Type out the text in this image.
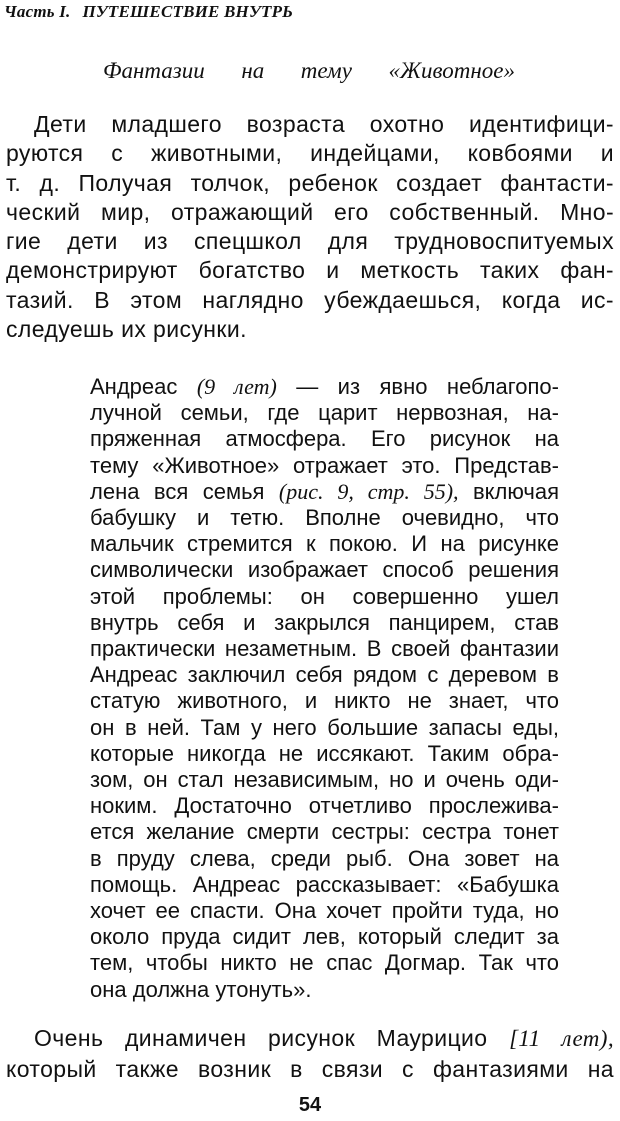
Часть I. ПУТЕШЕСТВИЕ ВНУТРЬ
Фантазии на тему «Животное»
Дети младшего возраста охотно идентифици-
руются с животными, индейцами, ковбоями и
т. д. Получая толчок, ребенок создает фантасти-
ческий мир, отражающий его собственный. Мно-
гие дети из спецшкол для трудновоспитуемых
демонстрируют богатство и меткость таких фан-
тазий. В этом наглядно убеждаешься, когда ис-
следуешь их рисунки.
Андреас (9 лет) — из явно неблагопо-
лучной семьи, где царит нервозная, на-
пряженная атмосфера. Его рисунок на
тему «Животное» отражает это. Представ-
лена вся семья (рис. 9, стр. 55), включая
бабушку и тетю. Вполне очевидно, что
мальчик стремится к покою. И на рисунке
символически изображает способ решения
этой проблемы: он совершенно ушел
внутрь себя и закрылся панцирем, став
практически незаметным. В своей фантазии
Андреас заключил себя рядом с деревом в
статую животного, и никто не знает, что
он в ней. Там у него большие запасы еды,
которые никогда не иссякают. Таким обра-
зом, он стал независимым, но и очень оди-
ноким. Достаточно отчетливо прослежива-
ется желание смерти сестры: сестра тонет
в пруду слева, среди рыб. Она зовет на
помощь. Андреас рассказывает: «Бабушка
хочет ее спасти. Она хочет пройти туда, но
около пруда сидит лев, который следит за
тем, чтобы никто не спас Догмар. Так что
она должна утонуть».
Очень динамичен рисунок Маурицио [11 лет),
который также возник в связи с фантазиями на
54
